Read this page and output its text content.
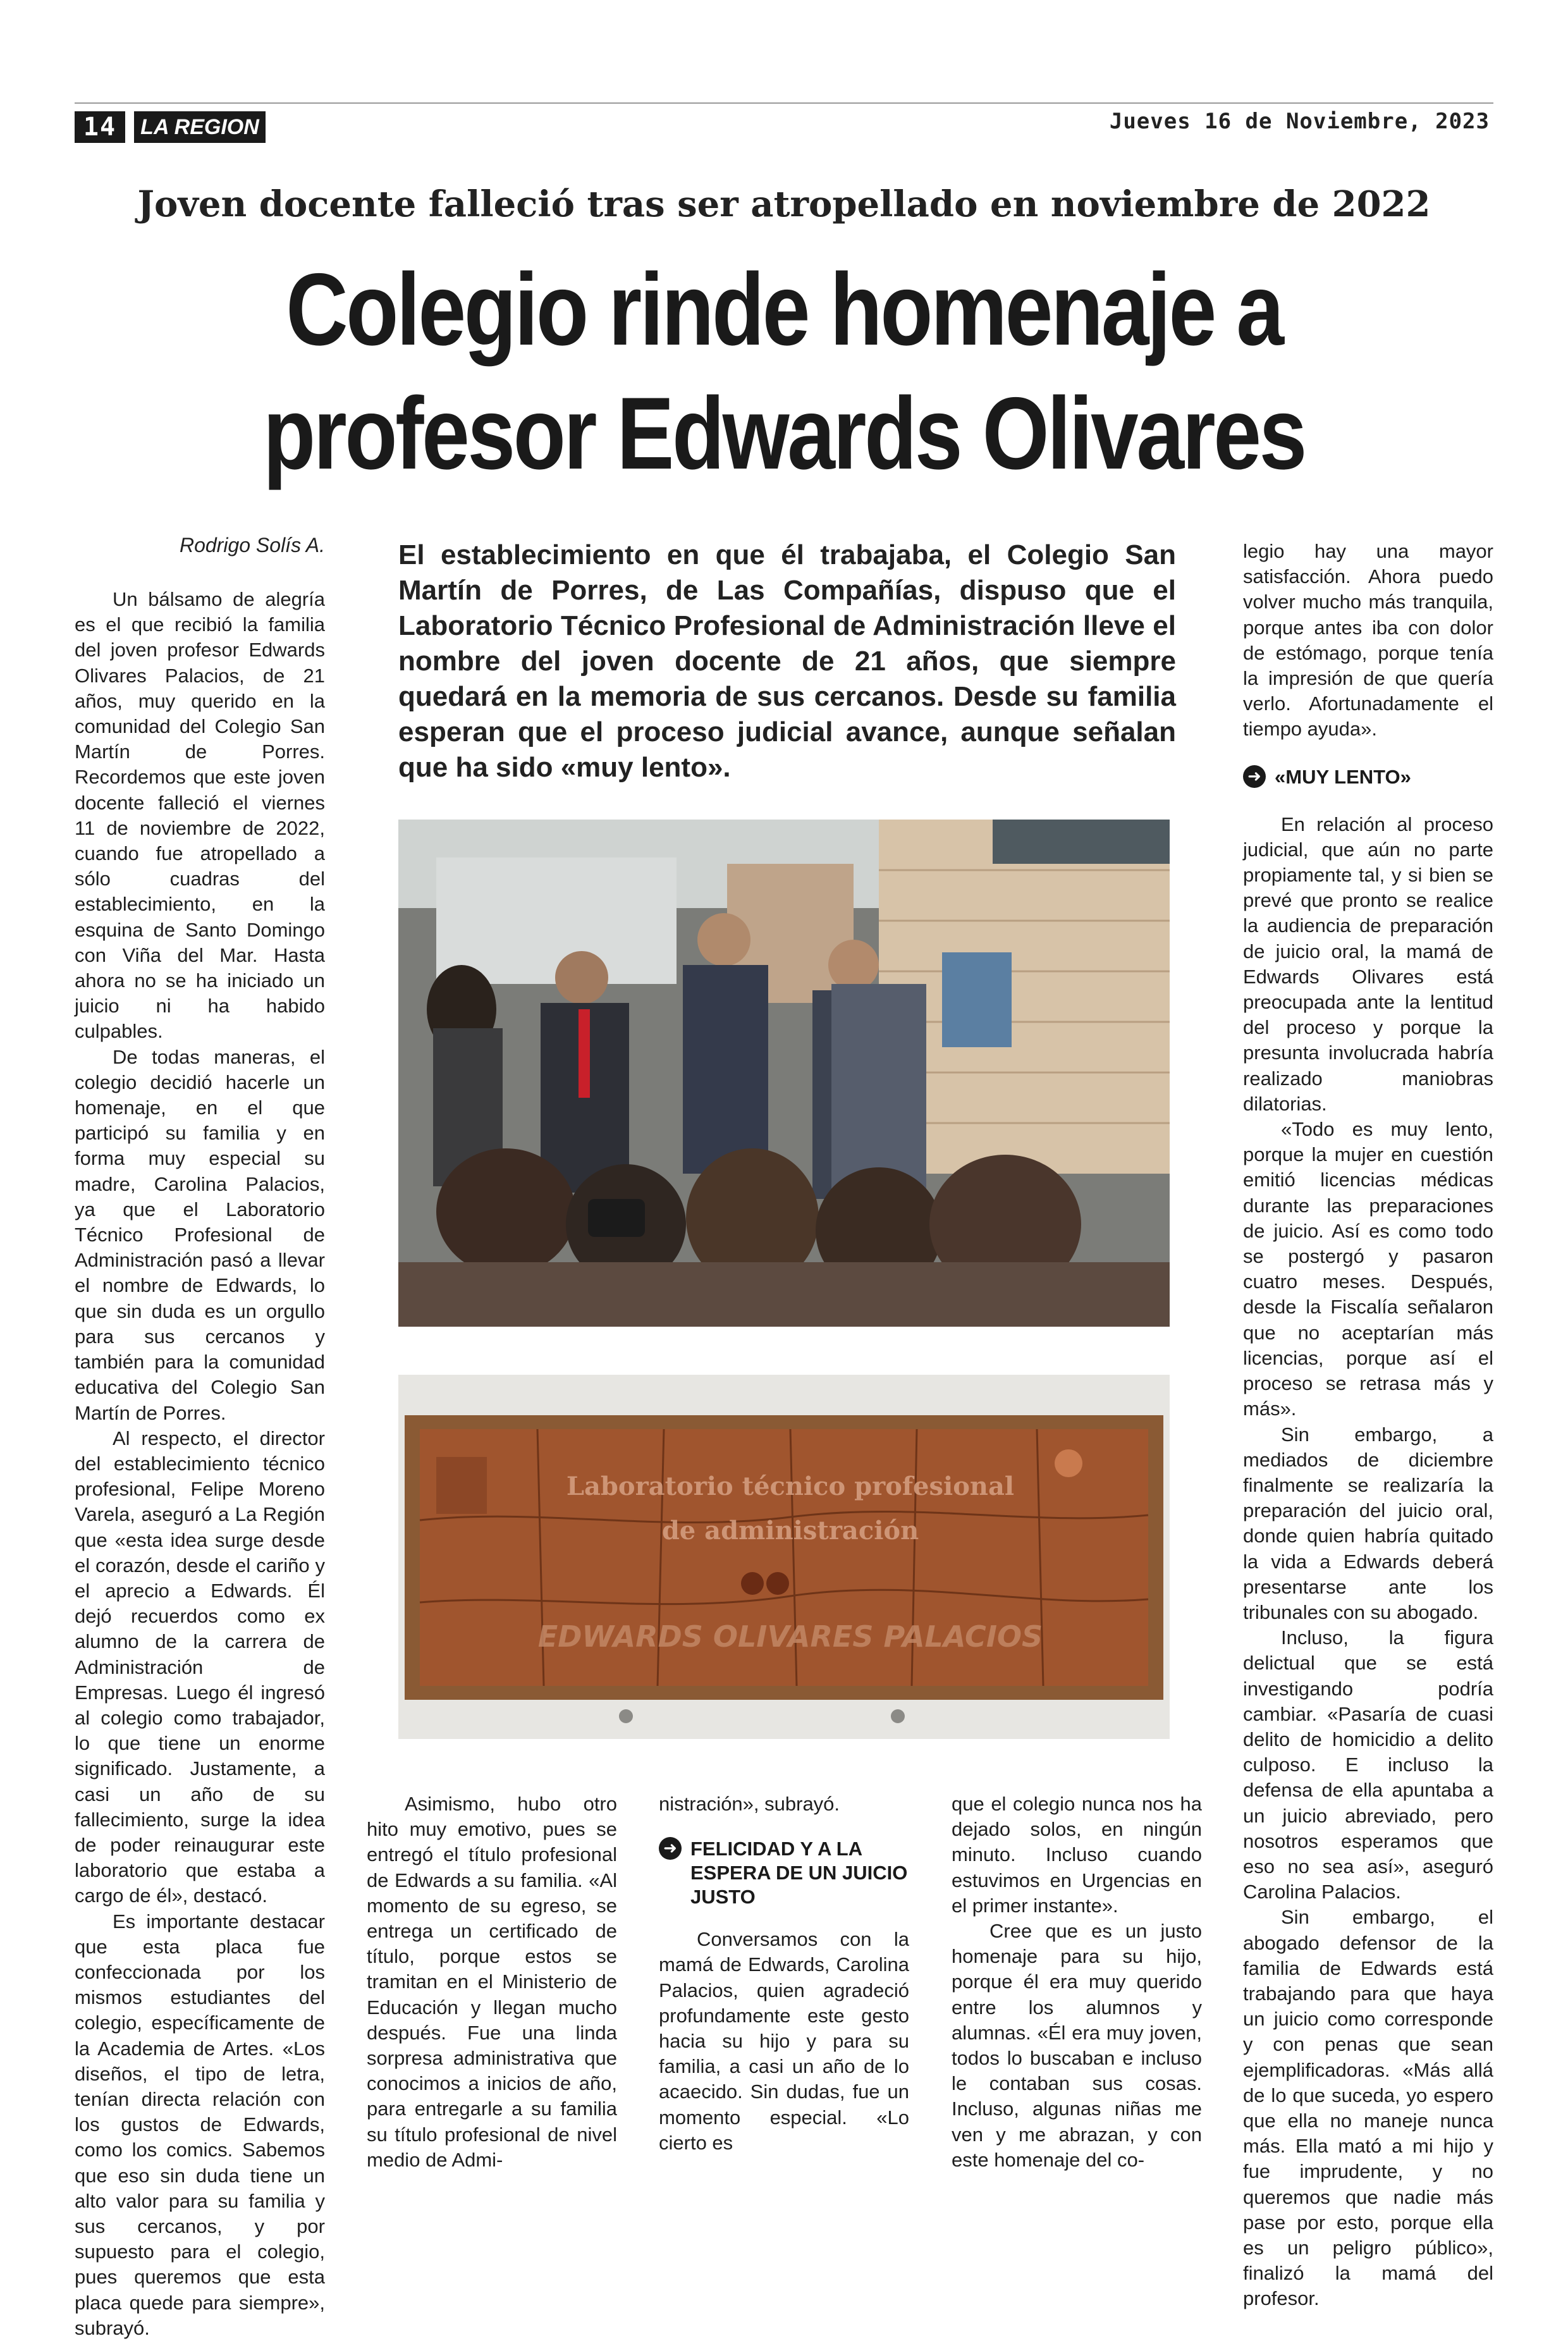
14	LA REGION	Jueves 16 de Noviembre, 2023
Joven docente falleció tras ser atropellado en noviembre de 2022
Colegio rinde homenaje a
profesor Edwards Olivares
Rodrigo Solís A.

Un bálsamo de alegría es el que recibió la familia del joven profesor Edwards Olivares Palacios, de 21 años, muy querido en la comunidad del Colegio San Martín de Porres. Recordemos que este joven docente falleció el viernes 11 de noviembre de 2022, cuando fue atropellado a sólo cuadras del establecimiento, en la esquina de Santo Domingo con Viña del Mar. Hasta ahora no se ha iniciado un juicio ni ha habido culpables.

De todas maneras, el colegio decidió hacerle un homenaje, en el que participó su familia y en forma muy especial su madre, Carolina Palacios, ya que el Laboratorio Técnico Profesional de Administración pasó a llevar el nombre de Edwards, lo que sin duda es un orgullo para sus cercanos y también para la comunidad educativa del Colegio San Martín de Porres.

Al respecto, el director del establecimiento técnico profesional, Felipe Moreno Varela, aseguró a La Región que «esta idea surge desde el corazón, desde el cariño y el aprecio a Edwards. Él dejó recuerdos como ex alumno de la carrera de Administración de Empresas. Luego él ingresó al colegio como trabajador, lo que tiene un enorme significado. Justamente, a casi un año de su fallecimiento, surge la idea de poder reinaugurar este laboratorio que estaba a cargo de él», destacó.

Es importante destacar que esta placa fue confeccionada por los mismos estudiantes del colegio, específicamente de la Academia de Artes. «Los diseños, el tipo de letra, tenían directa relación con los gustos de Edwards, como los comics. Sabemos que eso sin duda tiene un alto valor para su familia y sus cercanos, y por supuesto para el colegio, pues queremos que esta placa quede para siempre», subrayó.

El establecimiento en que él trabajaba, el Colegio San Martín de Porres, de Las Compañías, dispuso que el Laboratorio Técnico Profesional de Administración lleve el nombre del joven docente de 21 años, que siempre quedará en la memoria de sus cercanos. Desde su familia esperan que el proceso judicial avance, aunque señalan que ha sido «muy lento».
Laboratorio técnico profesional
de administración
EDWARDS OLIVARES PALACIOS

Asimismo, hubo otro hito muy emotivo, pues se entregó el título profesional de Edwards a su familia. «Al momento de su egreso, se entrega un certificado de título, porque estos se tramitan en el Ministerio de Educación y llegan mucho después. Fue una linda sorpresa administrativa que conocimos a inicios de año, para entregarle a su familia su título profesional de nivel medio de Admi-

nistración», subrayó.
➜ FELICIDAD Y A LA ESPERA DE UN JUICIO JUSTO

Conversamos con la mamá de Edwards, Carolina Palacios, quien agradeció profundamente este gesto hacia su hijo y para su familia, a casi un año de lo acaecido. Sin dudas, fue un momento especial. «Lo cierto es

que el colegio nunca nos ha dejado solos, en ningún minuto. Incluso cuando estuvimos en Urgencias en el primer instante».

Cree que es un justo homenaje para su hijo, porque él era muy querido entre los alumnos y alumnas. «Él era muy joven, todos lo buscaban e incluso le contaban sus cosas. Incluso, algunas niñas me ven y me abrazan, y con este homenaje del co-

legio hay una mayor satisfacción. Ahora puedo volver mucho más tranquila, porque antes iba con dolor de estómago, porque tenía la impresión de que quería verlo. Afortunadamente el tiempo ayuda».
➜ «MUY LENTO»

En relación al proceso judicial, que aún no parte propiamente tal, y si bien se prevé que pronto se realice la audiencia de preparación de juicio oral, la mamá de Edwards Olivares está preocupada ante la lentitud del proceso y porque la presunta involucrada habría realizado maniobras dilatorias.

«Todo es muy lento, porque la mujer en cuestión emitió licencias médicas durante las preparaciones de juicio. Así es como todo se postergó y pasaron cuatro meses. Después, desde la Fiscalía señalaron que no aceptarían más licencias, porque así el proceso se retrasa más y más».

Sin embargo, a mediados de diciembre finalmente se realizaría la preparación del juicio oral, donde quien habría quitado la vida a Edwards deberá presentarse ante los tribunales con su abogado.

Incluso, la figura delictual que se está investigando podría cambiar. «Pasaría de cuasi delito de homicidio a delito culposo. E incluso la defensa de ella apuntaba a un juicio abreviado, pero nosotros esperamos que eso no sea así», aseguró Carolina Palacios.

Sin embargo, el abogado defensor de la familia de Edwards está trabajando para que haya un juicio como corresponde y con penas que sean ejemplificadoras. «Más allá de lo que suceda, yo espero que ella no maneje nunca más. Ella mató a mi hijo y fue imprudente, y no queremos que nadie más pase por esto, porque ella es un peligro público», finalizó la mamá del profesor.
